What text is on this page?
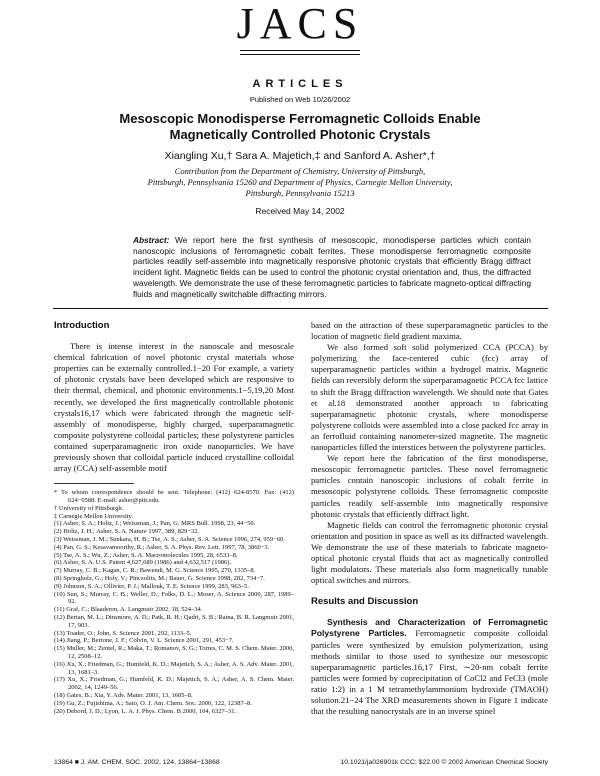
JACS
ARTICLES
Published on Web 10/26/2002
Mesoscopic Monodisperse Ferromagnetic Colloids Enable
Magnetically Controlled Photonic Crystals
Xiangling Xu,† Sara A. Majetich,‡ and Sanford A. Asher*,†
Contribution from the Department of Chemistry, University of Pittsburgh,
Pittsburgh, Pennsylvania 15260 and Department of Physics, Carnegie Mellon University,
Pittsburgh, Pennsylvania 15213
Received May 14, 2002
Abstract: We report here the first synthesis of mesoscopic, monodisperse particles which contain nanoscopic inclusions of ferromagnetic cobalt ferrites. These monodisperse ferromagnetic composite particles readily self-assemble into magnetically responsive photonic crystals that efficiently Bragg diffract incident light. Magnetic fields can be used to control the photonic crystal orientation and, thus, the diffracted wavelength. We demonstrate the use of these ferromagnetic particles to fabricate magneto-optical diffracting fluids and magnetically switchable diffracting mirrors.
Introduction

There is intense interest in the nanoscale and mesoscale chemical fabrication of novel photonic crystal materials whose properties can be externally controlled.1−20 For example, a variety of photonic crystals have been developed which are responsive to their thermal, chemical, and photonic environments.1−5,19,20 Most recently, we developed the first magnetically controllable photonic crystals16,17 which were fabricated through the magnetic self-assembly of monodisperse, highly charged, superparamagnetic composite polystyrene colloidal particles; these polystyrene particles contained superparamagnetic iron oxide nanoparticles. We have previously shown that colloidal particle induced crystalline colloidal array (CCA) self-assemble motif

* To whom correspondence should be sent. Telephone: (412) 624-8570. Fax: (412) 624−0588. E-mail: asher@pitt.edu.
† University of Pittsburgh.
‡ Carnegie Mellon University.
(1) Asher, S. A.; Holtz, J.; Weissman, J.; Pan, G. MRS Bull. 1998, 23, 44−50.
(2) Holtz, J. H.; Asher, S. A. Nature 1997, 389, 829−32.
(3) Weissman, J. M.; Sunkara, H. B.; Tse, A. S.; Asher, S. A. Science 1996, 274, 959−60.
(4) Pan, G. S.; Kesavamoorthy, R.; Asher, S. A. Phys. Rev. Lett. 1997, 78, 3860−3.
(5) Tse, A. S.; Wu, Z.; Asher, S. A. Macromolecules 1995, 28, 6533–8.
(6) Asher, S. A. U.S. Patent 4,627,689 (1986) and 4,632,517 (1986).
(7) Murray, C. B.; Kagan, C. R.; Bawendi, M. G. Science 1995, 270, 1335–8.
(8) Springholz, G.; Holy, V.; Pinczolits, M.; Bauer, G. Science 1998, 282, 734−7.
(9) Johnson, S. A.; Ollivier, P. J.; Mallouk, T. E. Science 1999, 283, 963–5.
(10) Sun, S.; Murray, C. B.; Weller, D.; Folks, D. L.; Moser, A. Science 2000, 287, 1989–92.
(11) Graf, C.; Blaaderen, A. Langmuir 2002, 18, 524–34.
(12) Bertan, M. L.; Dinsmore, A. D.; Patk, R. H.; Qadri, S. B.; Ratna, B. R. Langmuir 2001, 17, 903.
(13) Toader, O.; John, S. Science 2001, 292, 1133–5.
(14) Jiang, P.; Bertone, J. F.; Colvin, V. L. Science 2001, 291, 453−7.
(15) Muller, M.; Zentel, R.; Maka, T.; Romanov, S. G.; Torres, C. M. S. Chem. Mater. 2000, 12, 2508–12.
(16) Xu, X.; Friedman, G.; Humfeld, K. D.; Majetich, S. A.; Asher, A. S. Adv. Mater. 2001, 13, 1681–3.
(17) Xu, X.; Friedman, G.; Humfeld, K. D.; Majetich, S. A.; Asher, A. S. Chem. Mater. 2002, 14, 1249–56.
(18) Gates, B.; Xia, Y. Adv. Mater. 2001, 13, 1605–8.
(19) Gu, Z.; Fujishima, A.; Sato, O. J. Am. Chem. Soc. 2000, 122, 12387–8.
(20) Debord, J. D.; Lyon, L. A. J. Phys. Chem. B 2000, 104, 6327–31.

based on the attraction of these superparamagnetic particles to the location of magnetic field gradient maxima.

We also formed soft solid polymerized CCA (PCCA) by polymerizing the face-centered cubic (fcc) array of superparamagnetic particles within a hydrogel matrix. Magnetic fields can reversibly deform the superparamagnetic PCCA fcc lattice to shift the Bragg diffraction wavelength. We should note that Gates et al.18 demonstrated another approach to fabricating superparamagnetic photonic crystals, where monodisperse polystyrene colloids were assembled into a close packed fcc array in an ferrofluid containing nanometer-sized magnetite. The magnetic nanoparticles filled the interstices between the polystyrene particles.

We report here the fabrication of the first monodisperse, mesoscopic ferromagnetic particles. These novel ferromagnetic particles contain nanoscopic inclusions of cobalt ferrite in mesoscopic polystyrene colloids. These ferromagnetic composite particles readily self-assemble into magnetically responsive photonic crystals that efficiently diffract light.

Magnetic fields can control the ferromagnetic photonic crystal orientation and position in space as well as its diffracted wavelength. We demonstrate the use of these materials to fabricate magneto-optical photonic crystal fluids that act as magnetically controlled light modulators. These materials also form magnetically tunable optical switches and mirrors.

Results and Discussion

Synthesis and Characterization of Ferromagnetic Polystyrene Particles. Ferromagnetic composite colloidal particles were synthesized by emulsion polymerization, using methods similar to those used to synthesize our mesoscopic superparamagnetic particles.16,17 First, ∼20-nm cobalt ferrite particles were formed by coprecipitation of CoCl2 and FeCl3 (mole ratio 1:2) in a 1 M tetramethylammonium hydroxide (TMAOH) solution.21−24 The XRD measurements shown in Figure 1 indicate that the resulting nanocrystals are in an inverse spinel

13864 ■ J. AM. CHEM. SOC. 2002, 124, 13864−13868	10.1021/ja026901k CCC: $22.00 © 2002 American Chemical Society
